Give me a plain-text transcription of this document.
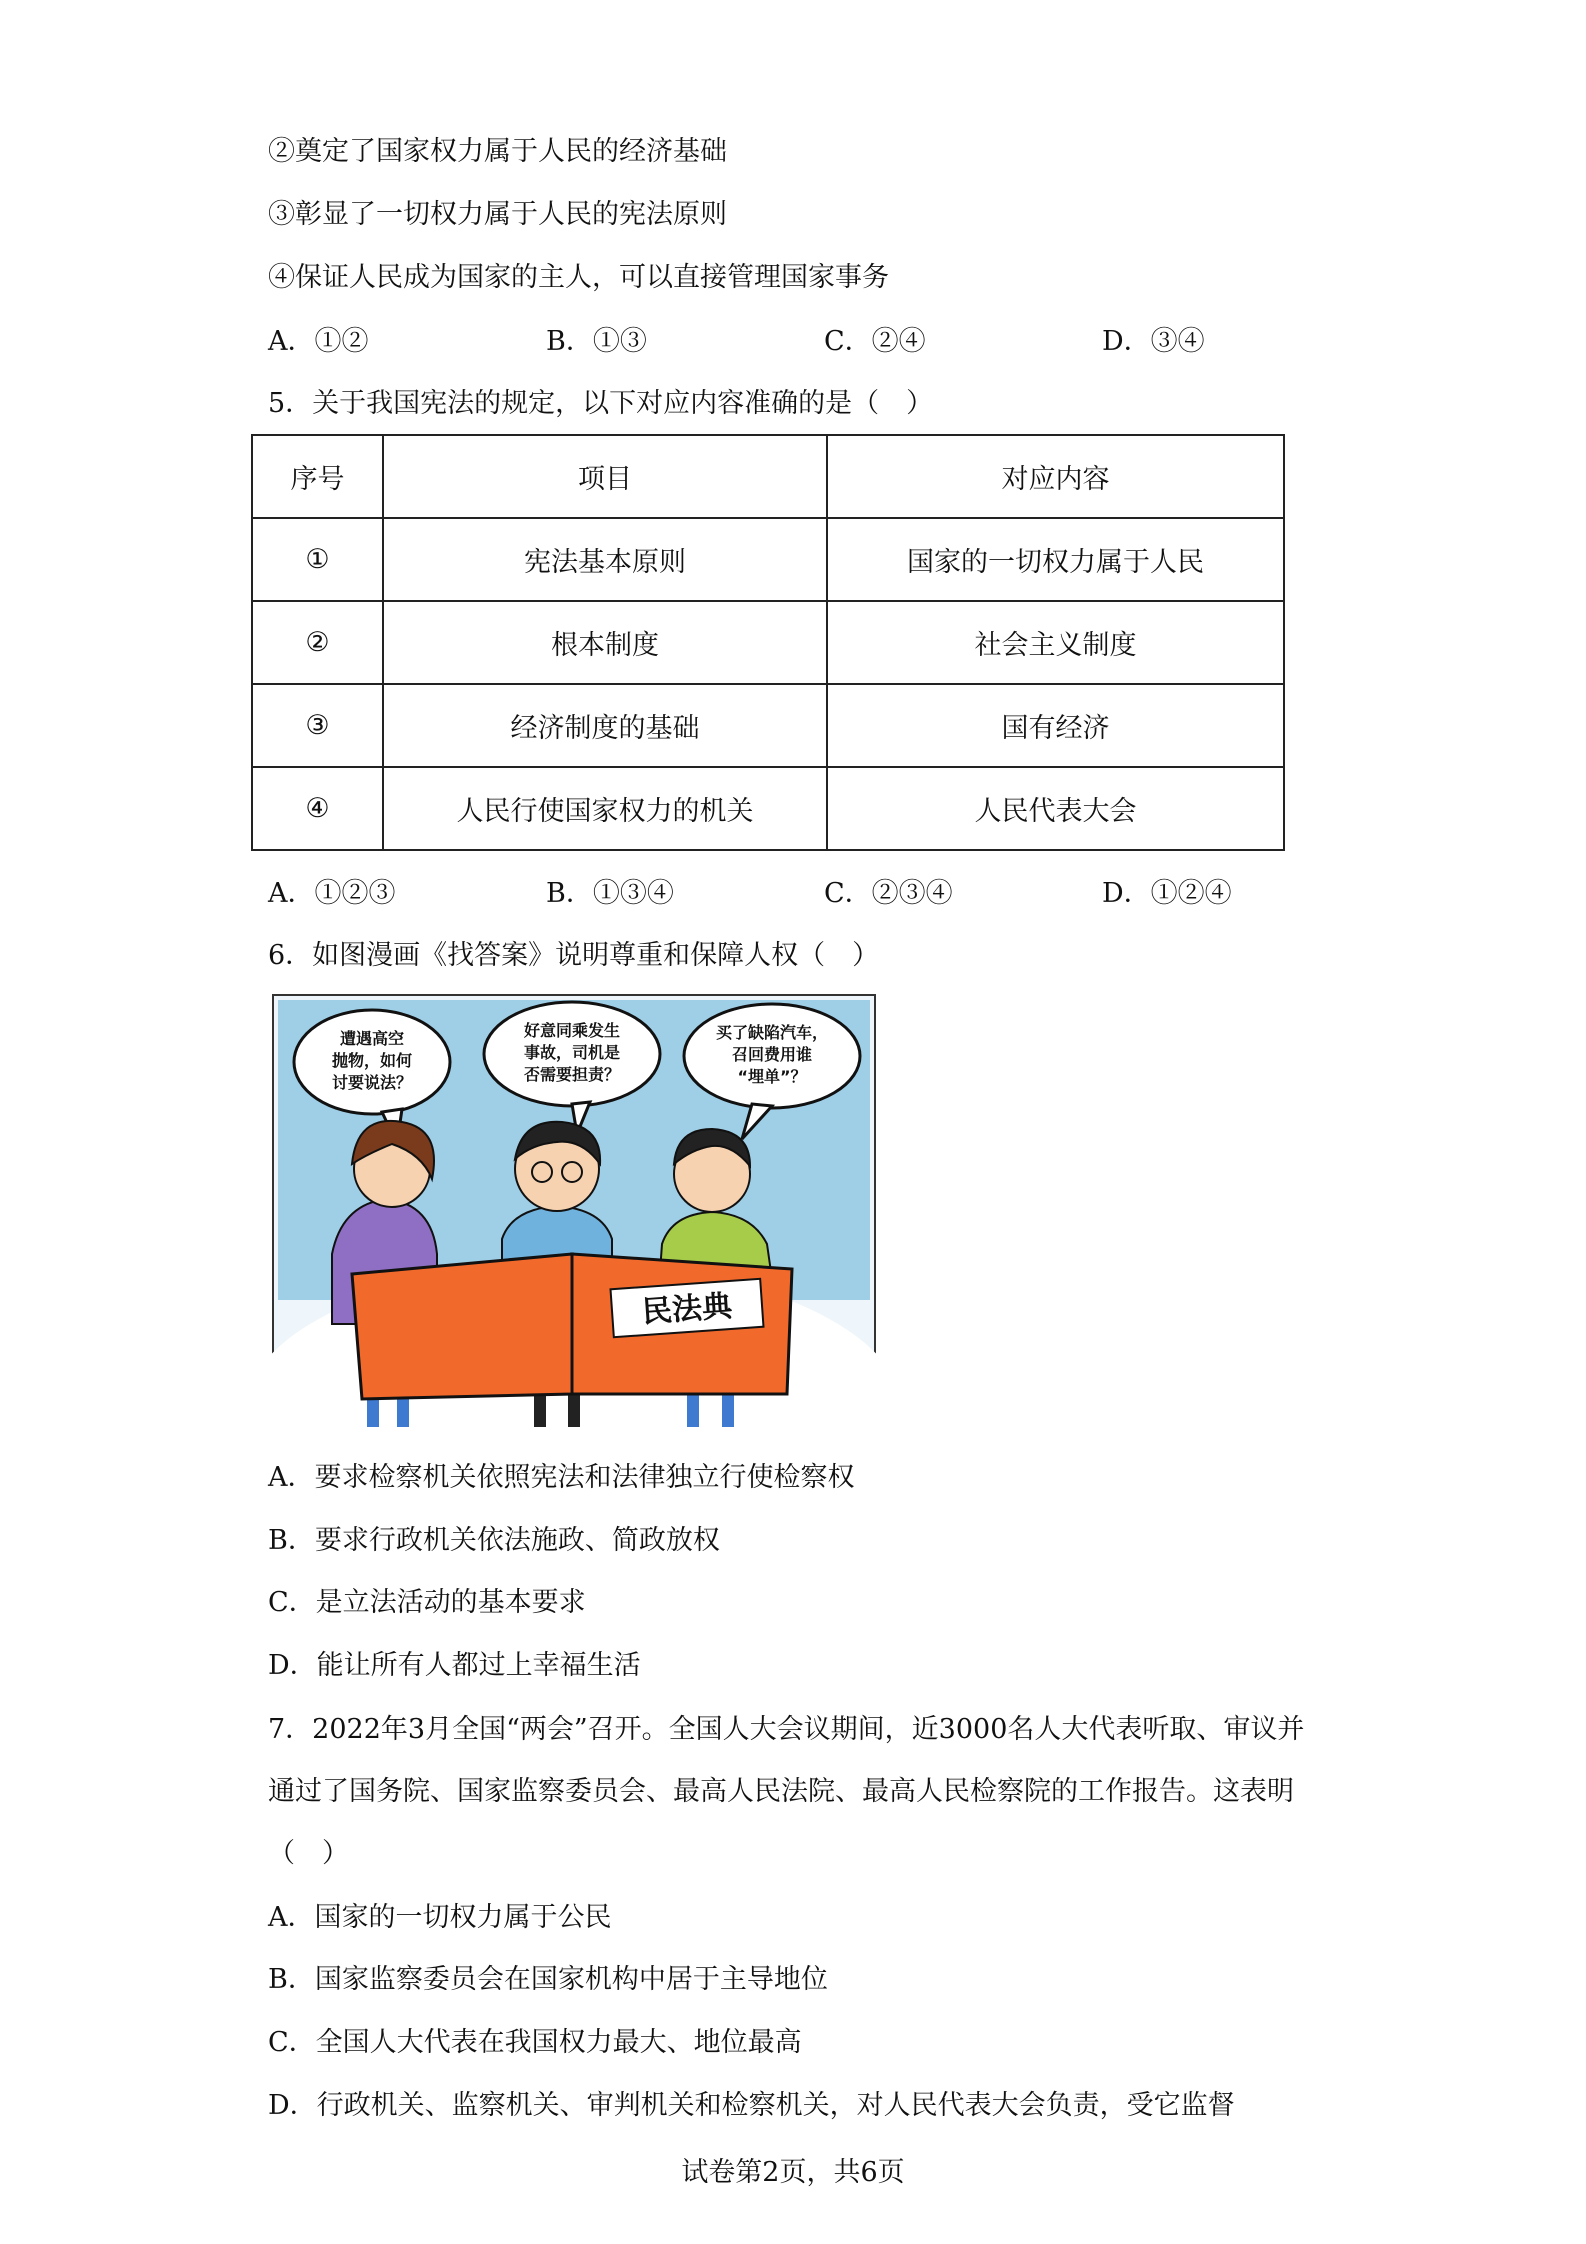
②奠定了国家权力属于人民的经济基础
③彰显了一切权力属于人民的宪法原则
④保证人民成为国家的主人，可以直接管理国家事务
A．①②	B．①③	C．②④	D．③④
5．关于我国宪法的规定，以下对应内容准确的是（　）
序号	项目	对应内容
①	宪法基本原则	国家的一切权力属于人民
②	根本制度	社会主义制度
③	经济制度的基础	国有经济
④	人民行使国家权力的机关	人民代表大会
A．①②③	B．①③④	C．②③④	D．①②④
6．如图漫画《找答案》说明尊重和保障人权（　）
遭遇高空
抛物，如何
讨要说法？
好意同乘发生
事故，司机是
否需要担责？
买了缺陷汽车，
召回费用谁
“埋单”？
民法典
A．要求检察机关依照宪法和法律独立行使检察权
B．要求行政机关依法施政、简政放权
C．是立法活动的基本要求
D．能让所有人都过上幸福生活
7．2022年3月全国“两会”召开。全国人大会议期间，近3000名人大代表听取、审议并
通过了国务院、国家监察委员会、最高人民法院、最高人民检察院的工作报告。这表明
（　）
A．国家的一切权力属于公民
B．国家监察委员会在国家机构中居于主导地位
C．全国人大代表在我国权力最大、地位最高
D．行政机关、监察机关、审判机关和检察机关，对人民代表大会负责，受它监督
试卷第2页，共6页
